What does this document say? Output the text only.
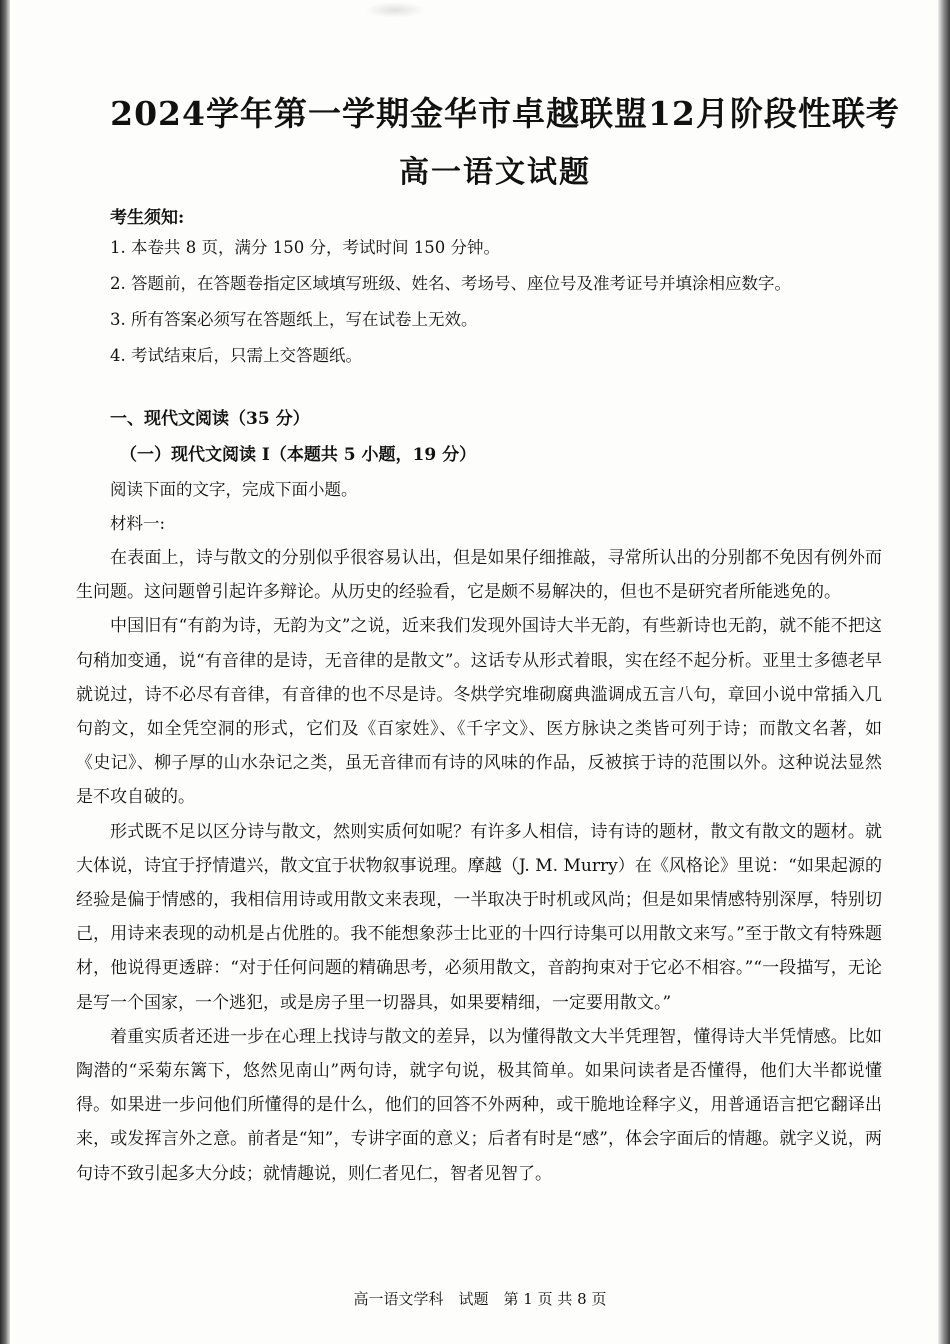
2024学年第一学期金华市卓越联盟12月阶段性联考
高一语文试题
考生须知:
1. 本卷共 8 页，满分 150 分，考试时间 150 分钟。
2. 答题前，在答题卷指定区域填写班级、姓名、考场号、座位号及准考证号并填涂相应数字。
3. 所有答案必须写在答题纸上，写在试卷上无效。
4. 考试结束后，只需上交答题纸。
一、现代文阅读（35 分）
（一）现代文阅读 I（本题共 5 小题，19 分）
阅读下面的文字，完成下面小题。
材料一:

在表面上，诗与散文的分别似乎很容易认出，但是如果仔细推敲，寻常所认出的分别都不免因有例外而生问题。这问题曾引起许多辩论。从历史的经验看，它是颇不易解决的，但也不是研究者所能逃免的。

中国旧有“有韵为诗，无韵为文”之说，近来我们发现外国诗大半无韵，有些新诗也无韵，就不能不把这句稍加变通，说“有音律的是诗，无音律的是散文”。这话专从形式着眼，实在经不起分析。亚里士多德老早就说过，诗不必尽有音律，有音律的也不尽是诗。冬烘学究堆砌腐典滥调成五言八句，章回小说中常插入几句韵文，如全凭空洞的形式，它们及《百家姓》、《千字文》、医方脉诀之类皆可列于诗；而散文名著，如《史记》、柳子厚的山水杂记之类，虽无音律而有诗的风味的作品，反被摈于诗的范围以外。这种说法显然是不攻自破的。

形式既不足以区分诗与散文，然则实质何如呢？有许多人相信，诗有诗的题材，散文有散文的题材。就大体说，诗宜于抒情遣兴，散文宜于状物叙事说理。摩越（J. M. Murry）在《风格论》里说：“如果起源的经验是偏于情感的，我相信用诗或用散文来表现，一半取决于时机或风尚；但是如果情感特别深厚，特别切己，用诗来表现的动机是占优胜的。我不能想象莎士比亚的十四行诗集可以用散文来写。”至于散文有特殊题材，他说得更透辟：“对于任何问题的精确思考，必须用散文，音韵拘束对于它必不相容。”“一段描写，无论是写一个国家，一个逃犯，或是房子里一切器具，如果要精细，一定要用散文。”

着重实质者还进一步在心理上找诗与散文的差异，以为懂得散文大半凭理智，懂得诗大半凭情感。比如陶潜的“采菊东篱下，悠然见南山”两句诗，就字句说，极其简单。如果问读者是否懂得，他们大半都说懂得。如果进一步问他们所懂得的是什么，他们的回答不外两种，或干脆地诠释字义，用普通语言把它翻译出来，或发挥言外之意。前者是“知”，专讲字面的意义；后者有时是“感”，体会字面后的情趣。就字义说，两句诗不致引起多大分歧；就情趣说，则仁者见仁，智者见智了。

高一语文学科　试题　第 1 页 共 8 页
